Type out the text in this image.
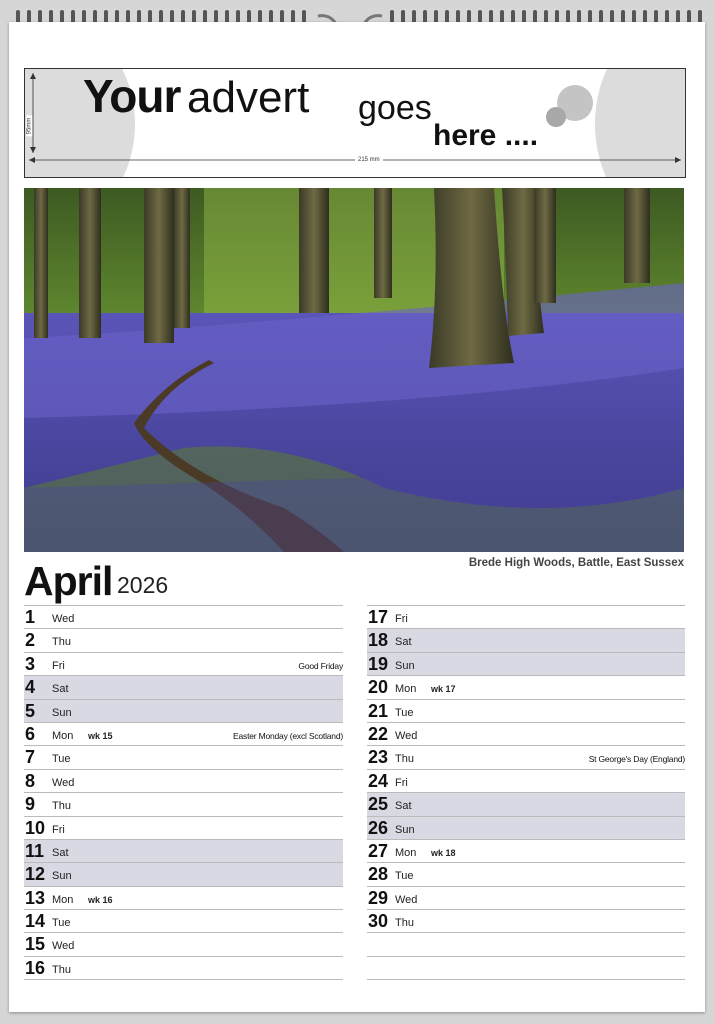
Your advert goes
here ....
215 mm
95mm
Brede High Woods, Battle, East Sussex
April 2026
1 Wed
2 Thu
3 Fri	Good Friday
4 Sat
5 Sun
6 Mon wk 15	Easter Monday (excl Scotland)
7 Tue
8 Wed
9 Thu
10 Fri
11 Sat
12 Sun
13 Mon wk 16
14 Tue
15 Wed
16 Thu
17 Fri
18 Sat
19 Sun
20 Mon wk 17
21 Tue
22 Wed
23 Thu	St George's Day (England)
24 Fri
25 Sat
26 Sun
27 Mon wk 18
28 Tue
29 Wed
30 Thu
